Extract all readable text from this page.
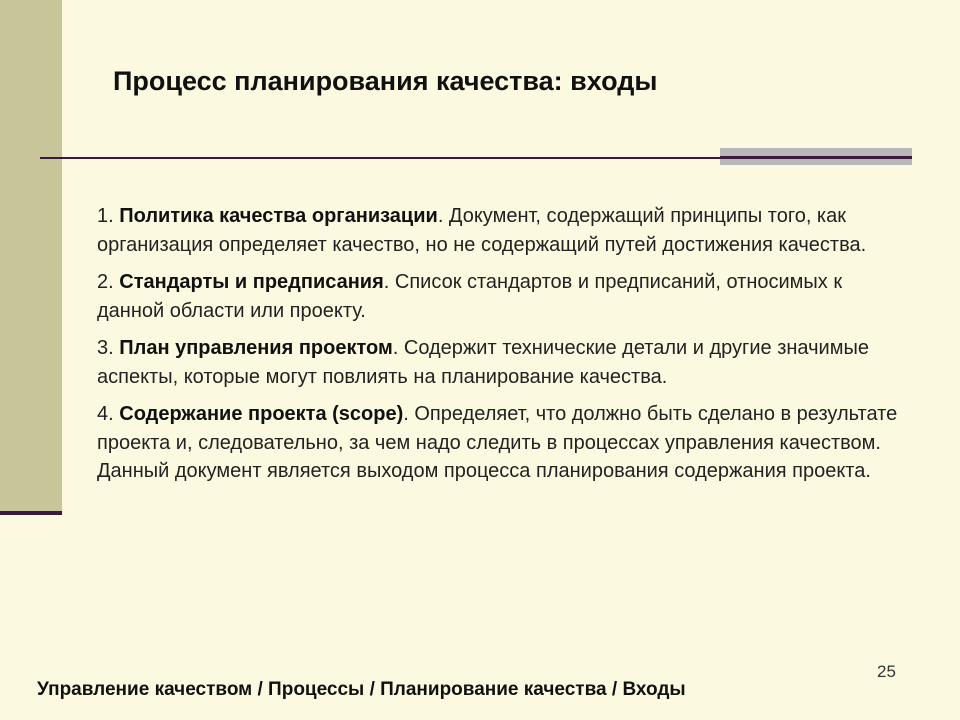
Процесс планирования качества: входы
1. Политика качества организации. Документ, содержащий принципы того, как организация определяет качество, но не содержащий путей достижения качества.
2. Стандарты и предписания. Список стандартов и предписаний, относимых к данной области или проекту.
3. План управления проектом. Содержит технические детали и другие значимые аспекты, которые могут повлиять на планирование качества.
4. Содержание проекта (scope). Определяет, что должно быть сделано в результате проекта и, следовательно, за чем надо следить в процессах управления качеством. Данный документ является выходом процесса планирования содержания проекта.
25
Управление качеством / Процессы / Планирование качества / Входы
